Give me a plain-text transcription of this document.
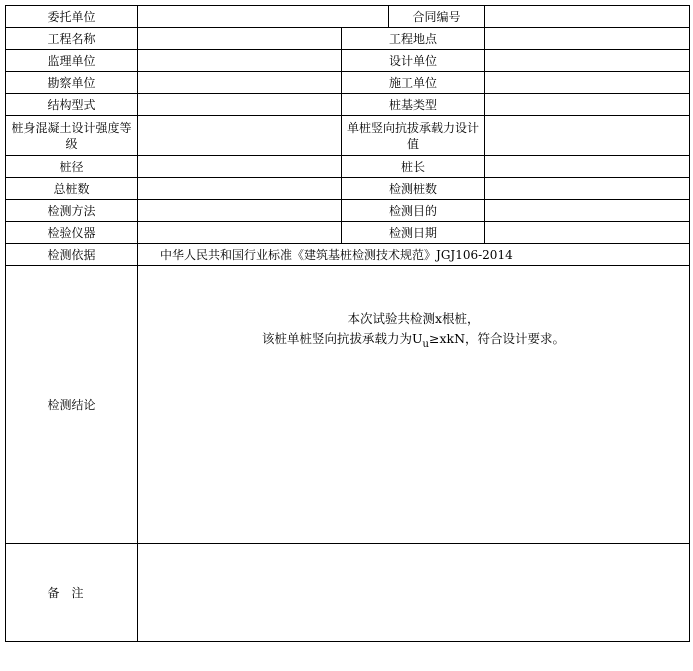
委托单位			合同编号	
工程名称		工程地点		
监理单位		设计单位		
勘察单位		施工单位		
结构型式		桩基类型		
桩身混凝土设计强度等级		单桩竖向抗拔承载力设计值		
桩径		桩长		
总桩数		检测桩数		
检测方法		检测目的		
检验仪器		检测日期		
检测依据	中华人民共和国行业标准《建筑基桩检测技术规范》JGJ106-2014			
检测结论	本次试验共检测x根桩，
该桩单桩竖向抗拔承载力为$U_u\ge xkN$，符合设计要求。			

备注				
